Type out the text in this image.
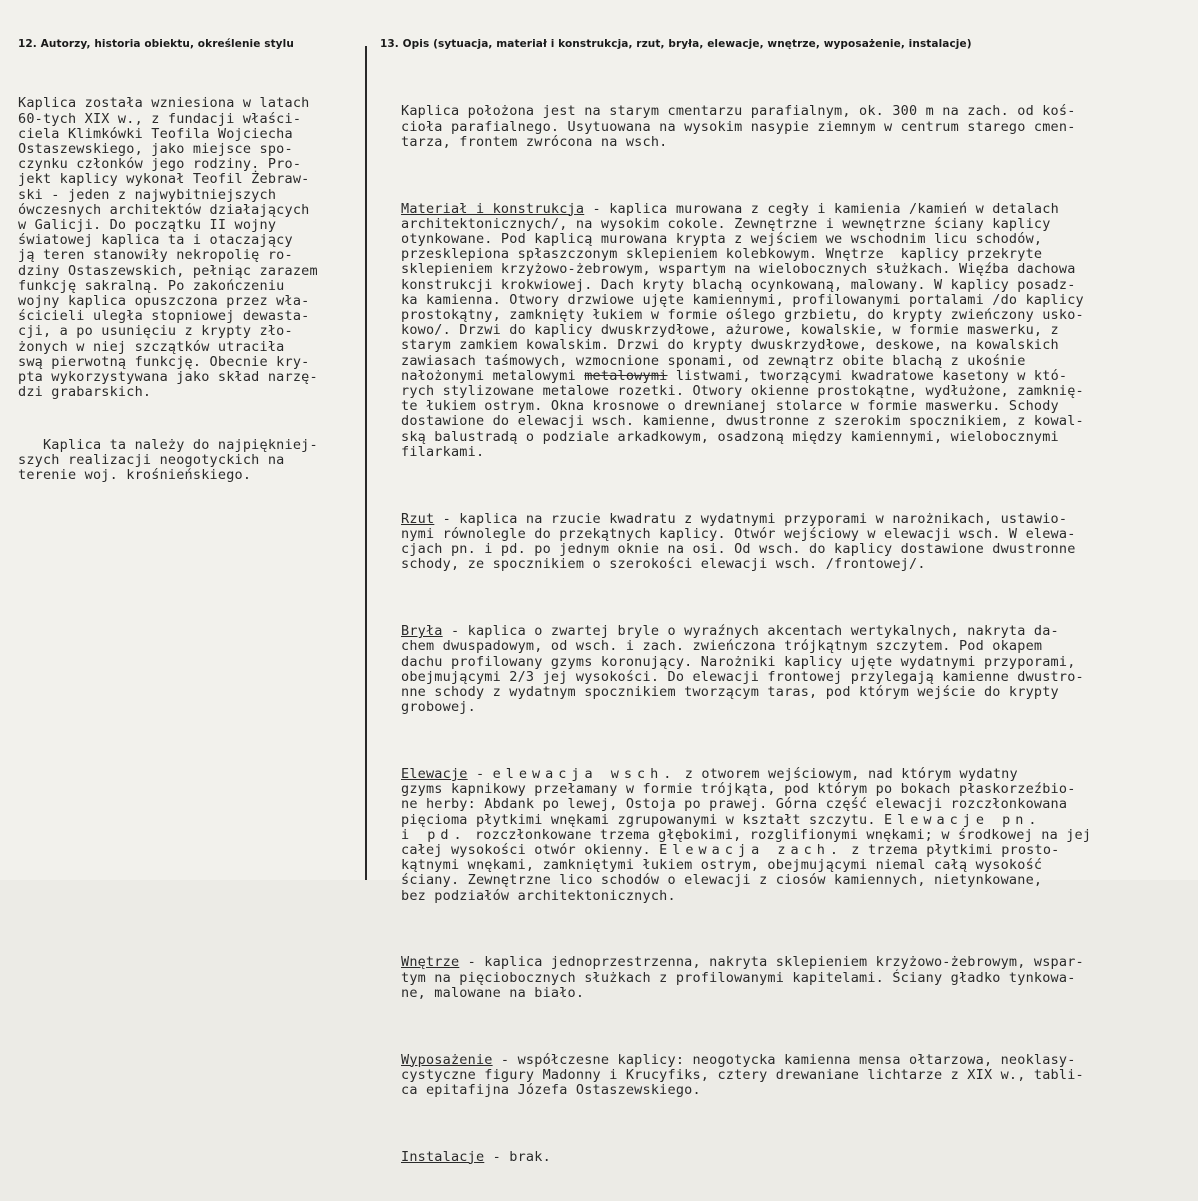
12. Autorzy, historia obiektu, określenie stylu	13. Opis (sytuacja, materiał i konstrukcja, rzut, bryła, elewacje, wnętrze, wyposażenie, instalacje)

Kaplica została wzniesiona w latach
60-tych XIX w., z fundacji właści-
ciela Klimkówki Teofila Wojciecha
Ostaszewskiego, jako miejsce spo-
czynku członków jego rodziny. Pro-
jekt kaplicy wykonał Teofil Żebraw-
ski - jeden z najwybitniejszych
ówczesnych architektów działających
w Galicji. Do początku II wojny
światowej kaplica ta i otaczający
ją teren stanowiły nekropolię ro-
dziny Ostaszewskich, pełniąc zarazem
funkcję sakralną. Po zakończeniu
wojny kaplica opuszczona przez wła-
ścicieli uległa stopniowej dewasta-
cji, a po usunięciu z krypty zło-
żonych w niej szczątków utraciła
swą pierwotną funkcję. Obecnie kry-
pta wykorzystywana jako skład narzę-
dzi grabarskich.

Kaplica ta należy do najpiękniej-
szych realizacji neogotyckich na
terenie woj. krośnieńskiego.

Kaplica położona jest na starym cmentarzu parafialnym, ok. 300 m na zach. od koś-
cioła parafialnego. Usytuowana na wysokim nasypie ziemnym w centrum starego cmen-
tarza, frontem zwrócona na wsch.

Materiał i konstrukcja - kaplica murowana z cegły i kamienia /kamień w detalach
architektonicznych/, na wysokim cokole. Zewnętrzne i wewnętrzne ściany kaplicy
otynkowane. Pod kaplicą murowana krypta z wejściem we wschodnim licu schodów,
przesklepiona spłaszczonym sklepieniem kolebkowym. Wnętrze  kaplicy przekryte
sklepieniem krzyżowo-żebrowym, wspartym na wielobocznych służkach. Więźba dachowa
konstrukcji krokwiowej. Dach kryty blachą ocynkowaną, malowany. W kaplicy posadz-
ka kamienna. Otwory drzwiowe ujęte kamiennymi, profilowanymi portalami /do kaplicy
prostokątny, zamknięty łukiem w formie oślego grzbietu, do krypty zwieńczony usko-
kowo/. Drzwi do kaplicy dwuskrzydłowe, ażurowe, kowalskie, w formie maswerku, z
starym zamkiem kowalskim. Drzwi do krypty dwuskrzydłowe, deskowe, na kowalskich
zawiasach taśmowych, wzmocnione sponami, od zewnątrz obite blachą z ukośnie
nałożonymi metalowymi metalowymi listwami, tworzącymi kwadratowe kasetony w któ-
rych stylizowane metalowe rozetki. Otwory okienne prostokątne, wydłużone, zamknię-
te łukiem ostrym. Okna krosnowe o drewnianej stolarce w formie maswerku. Schody
dostawione do elewacji wsch. kamienne, dwustronne z szerokim spocznikiem, z kowal-
ską balustradą o podziale arkadkowym, osadzoną między kamiennymi, wielobocznymi
filarkami.

Rzut - kaplica na rzucie kwadratu z wydatnymi przyporami w narożnikach, ustawio-
nymi równolegle do przekątnych kaplicy. Otwór wejściowy w elewacji wsch. W elewa-
cjach pn. i pd. po jednym oknie na osi. Od wsch. do kaplicy dostawione dwustronne
schody, ze spocznikiem o szerokości elewacji wsch. /frontowej/.

Bryła - kaplica o zwartej bryle o wyraźnych akcentach wertykalnych, nakryta da-
chem dwuspadowym, od wsch. i zach. zwieńczona trójkątnym szczytem. Pod okapem
dachu profilowany gzyms koronujący. Narożniki kaplicy ujęte wydatnymi przyporami,
obejmującymi 2/3 jej wysokości. Do elewacji frontowej przylegają kamienne dwustro-
nne schody z wydatnym spocznikiem tworzącym taras, pod którym wejście do krypty
grobowej.

Elewacje - elewacja wsch. z otworem wejściowym, nad którym wydatny
gzyms kapnikowy przełamany w formie trójkąta, pod którym po bokach płaskorzeźbio-
ne herby: Abdank po lewej, Ostoja po prawej. Górna część elewacji rozczłonkowana
pięcioma płytkimi wnękami zgrupowanymi w kształt szczytu. Elewacje pn.
i pd. rozczłonkowane trzema głębokimi, rozglifionymi wnękami; w środkowej na jej
całej wysokości otwór okienny. Elewacja zach. z trzema płytkimi prosto-
kątnymi wnękami, zamkniętymi łukiem ostrym, obejmującymi niemal całą wysokość
ściany. Zewnętrzne lico schodów o elewacji z ciosów kamiennych, nietynkowane,
bez podziałów architektonicznych.

Wnętrze - kaplica jednoprzestrzenna, nakryta sklepieniem krzyżowo-żebrowym, wspar-
tym na pięciobocznych służkach z profilowanymi kapitelami. Ściany gładko tynkowa-
ne, malowane na biało.

Wyposażenie - współczesne kaplicy: neogotycka kamienna mensa ołtarzowa, neoklasy-
cystyczne figury Madonny i Krucyfiks, cztery drewaniane lichtarze z XIX w., tabli-
ca epitafijna Józefa Ostaszewskiego.

Instalacje - brak.
